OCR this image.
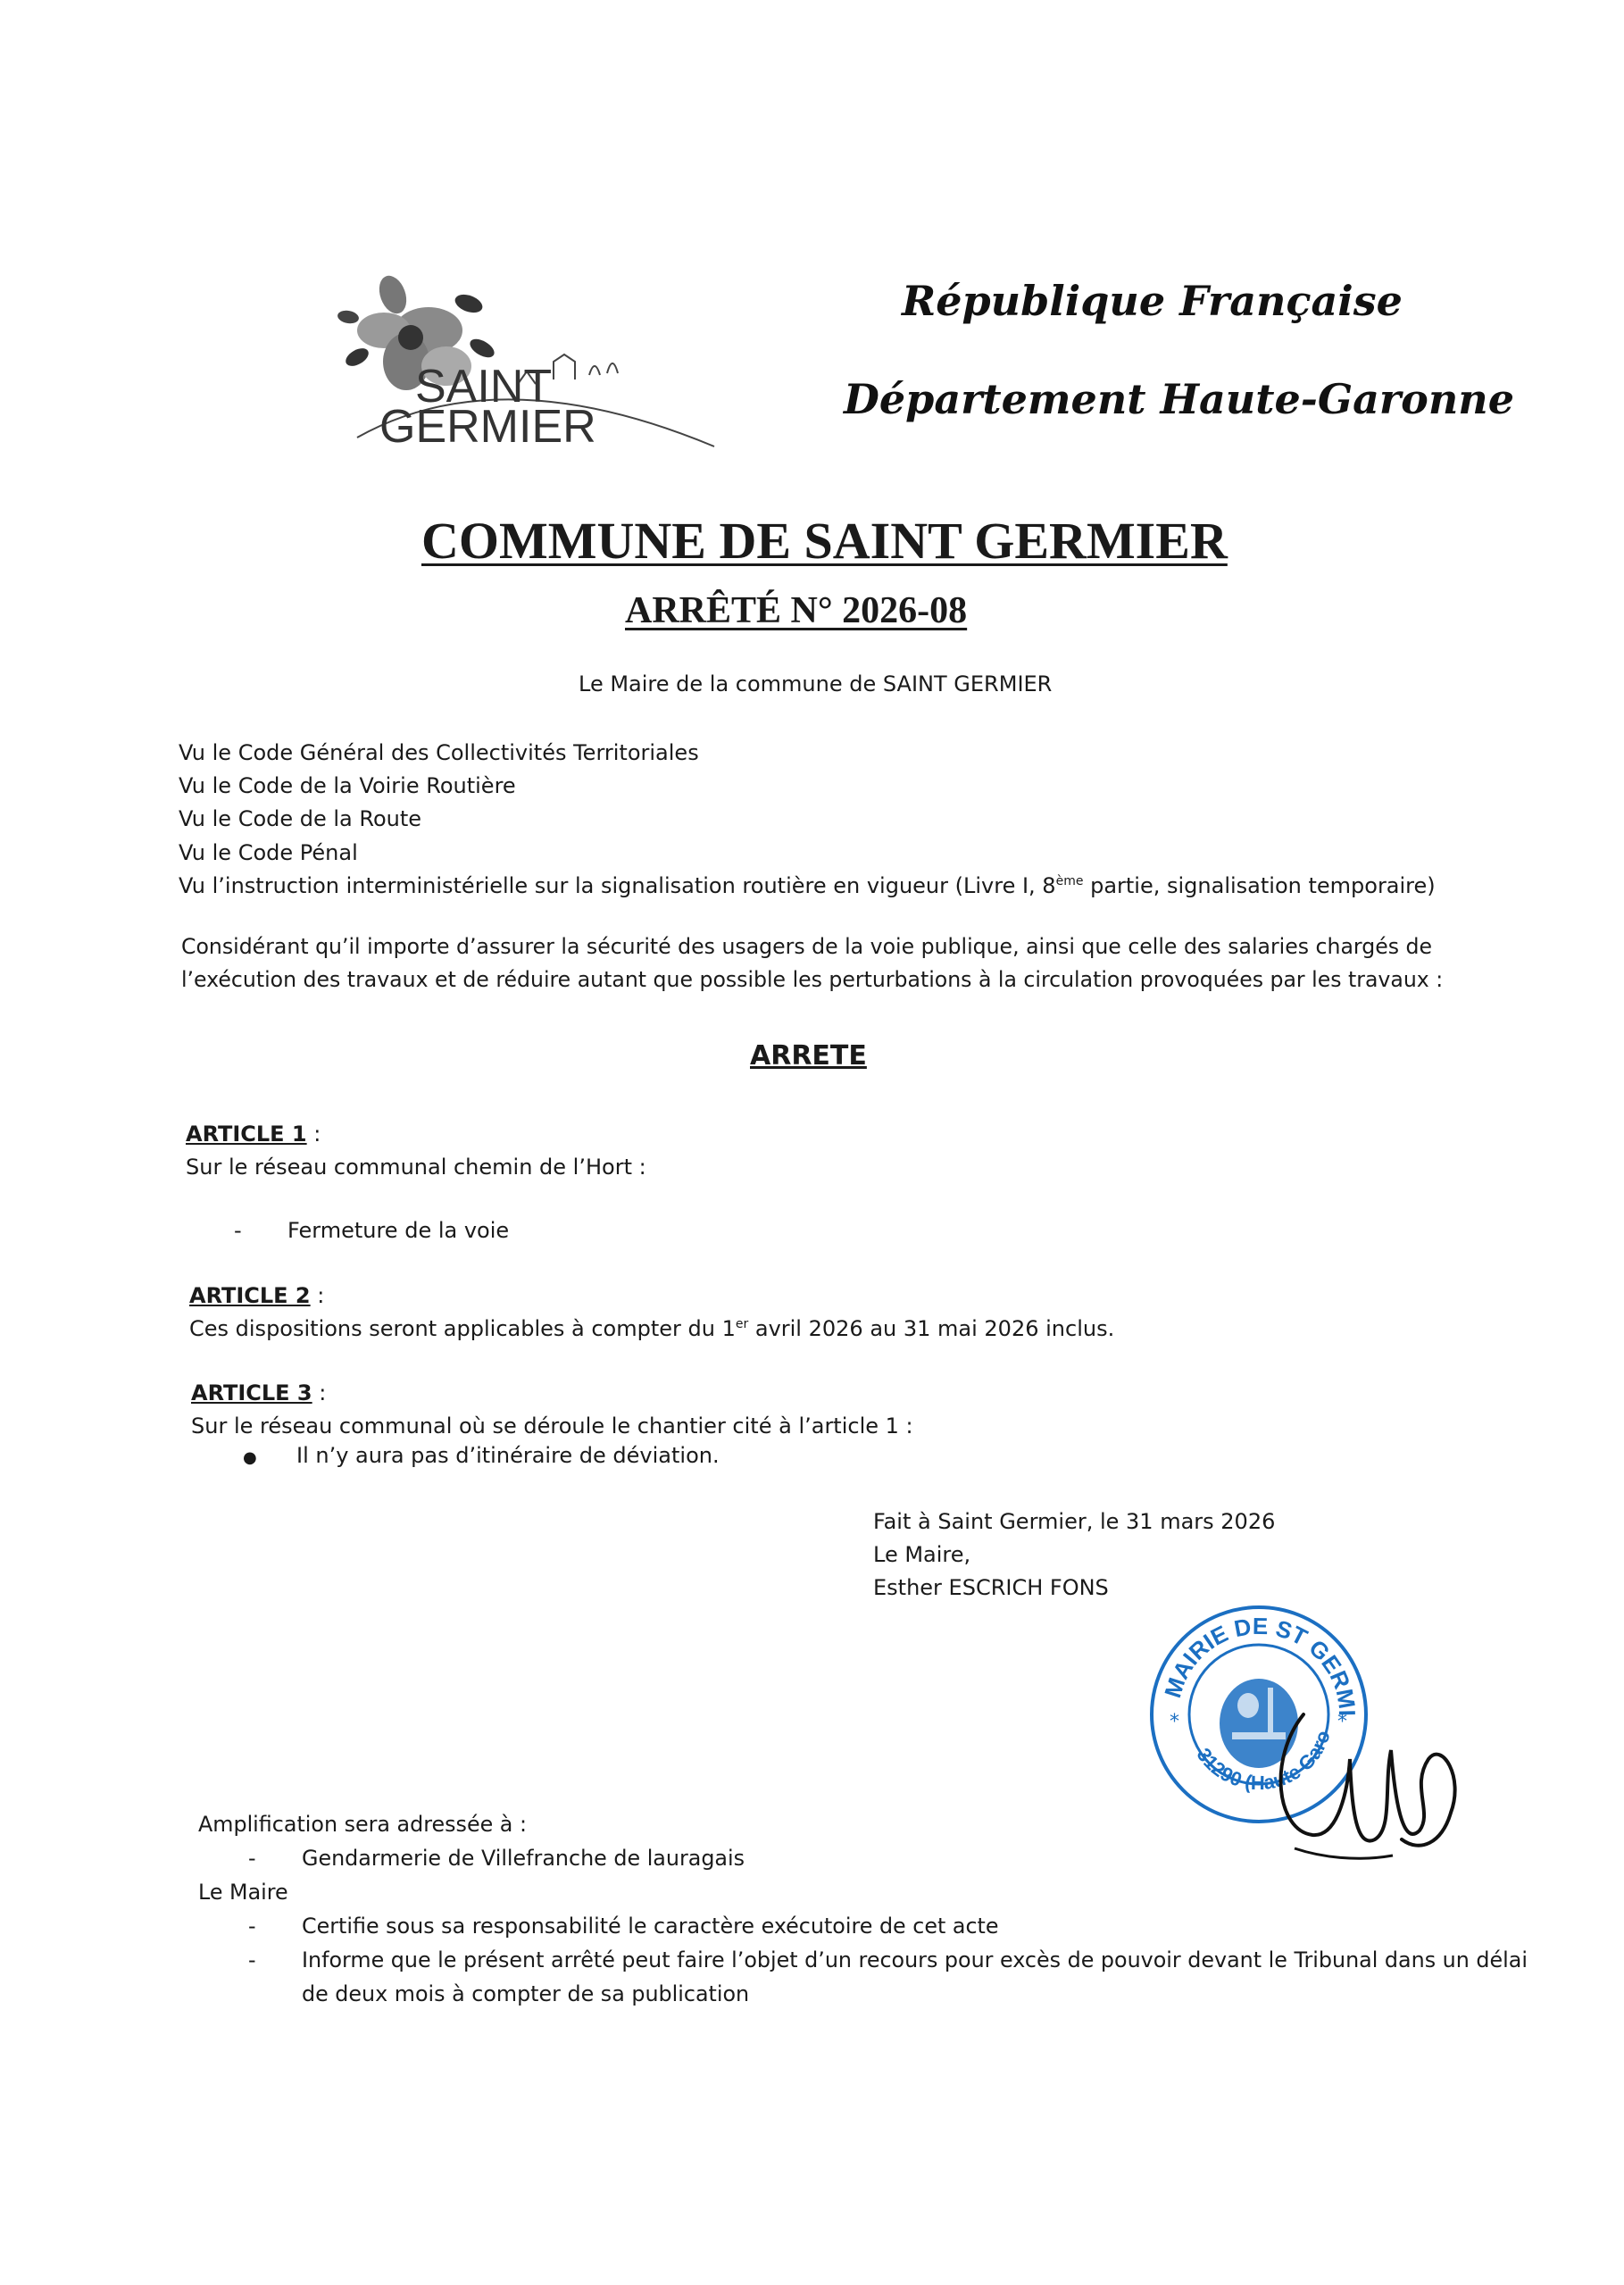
SAINT
GERMIER
République Française
Département Haute-Garonne
COMMUNE DE SAINT GERMIER
ARRÊTÉ N° 2026-08
Le Maire de la commune de SAINT GERMIER
Vu le Code Général des Collectivités Territoriales
Vu le Code de la Voirie Routière
Vu le Code de la Route
Vu le Code Pénal
Vu l’instruction interministérielle sur la signalisation routière en vigueur (Livre I, 8ème partie, signalisation temporaire)
Considérant qu’il importe d’assurer la sécurité des usagers de la voie publique, ainsi que celle des salaries chargés de
l’exécution des travaux et de réduire autant que possible les perturbations à la circulation provoquées par les travaux :
ARRETE
ARTICLE 1 :
Sur le réseau communal chemin de l’Hort :
- Fermeture de la voie
ARTICLE 2 :
Ces dispositions seront applicables à compter du 1er avril 2026 au 31 mai 2026 inclus.
ARTICLE 3 :
Sur le réseau communal où se déroule le chantier cité à l’article 1 :
● Il n’y aura pas d’itinéraire de déviation.
Fait à Saint Germier, le 31 mars 2026
Le Maire,
Esther ESCRICH FONS
MAIRIE DE ST GERMI
31290 (Haute Garo
*	*
Amplification sera adressée à :
- Gendarmerie de Villefranche de lauragais
Le Maire
- Certifie sous sa responsabilité le caractère exécutoire de cet acte
- Informe que le présent arrêté peut faire l’objet d’un recours pour excès de pouvoir devant le Tribunal dans un délai
de deux mois à compter de sa publication
